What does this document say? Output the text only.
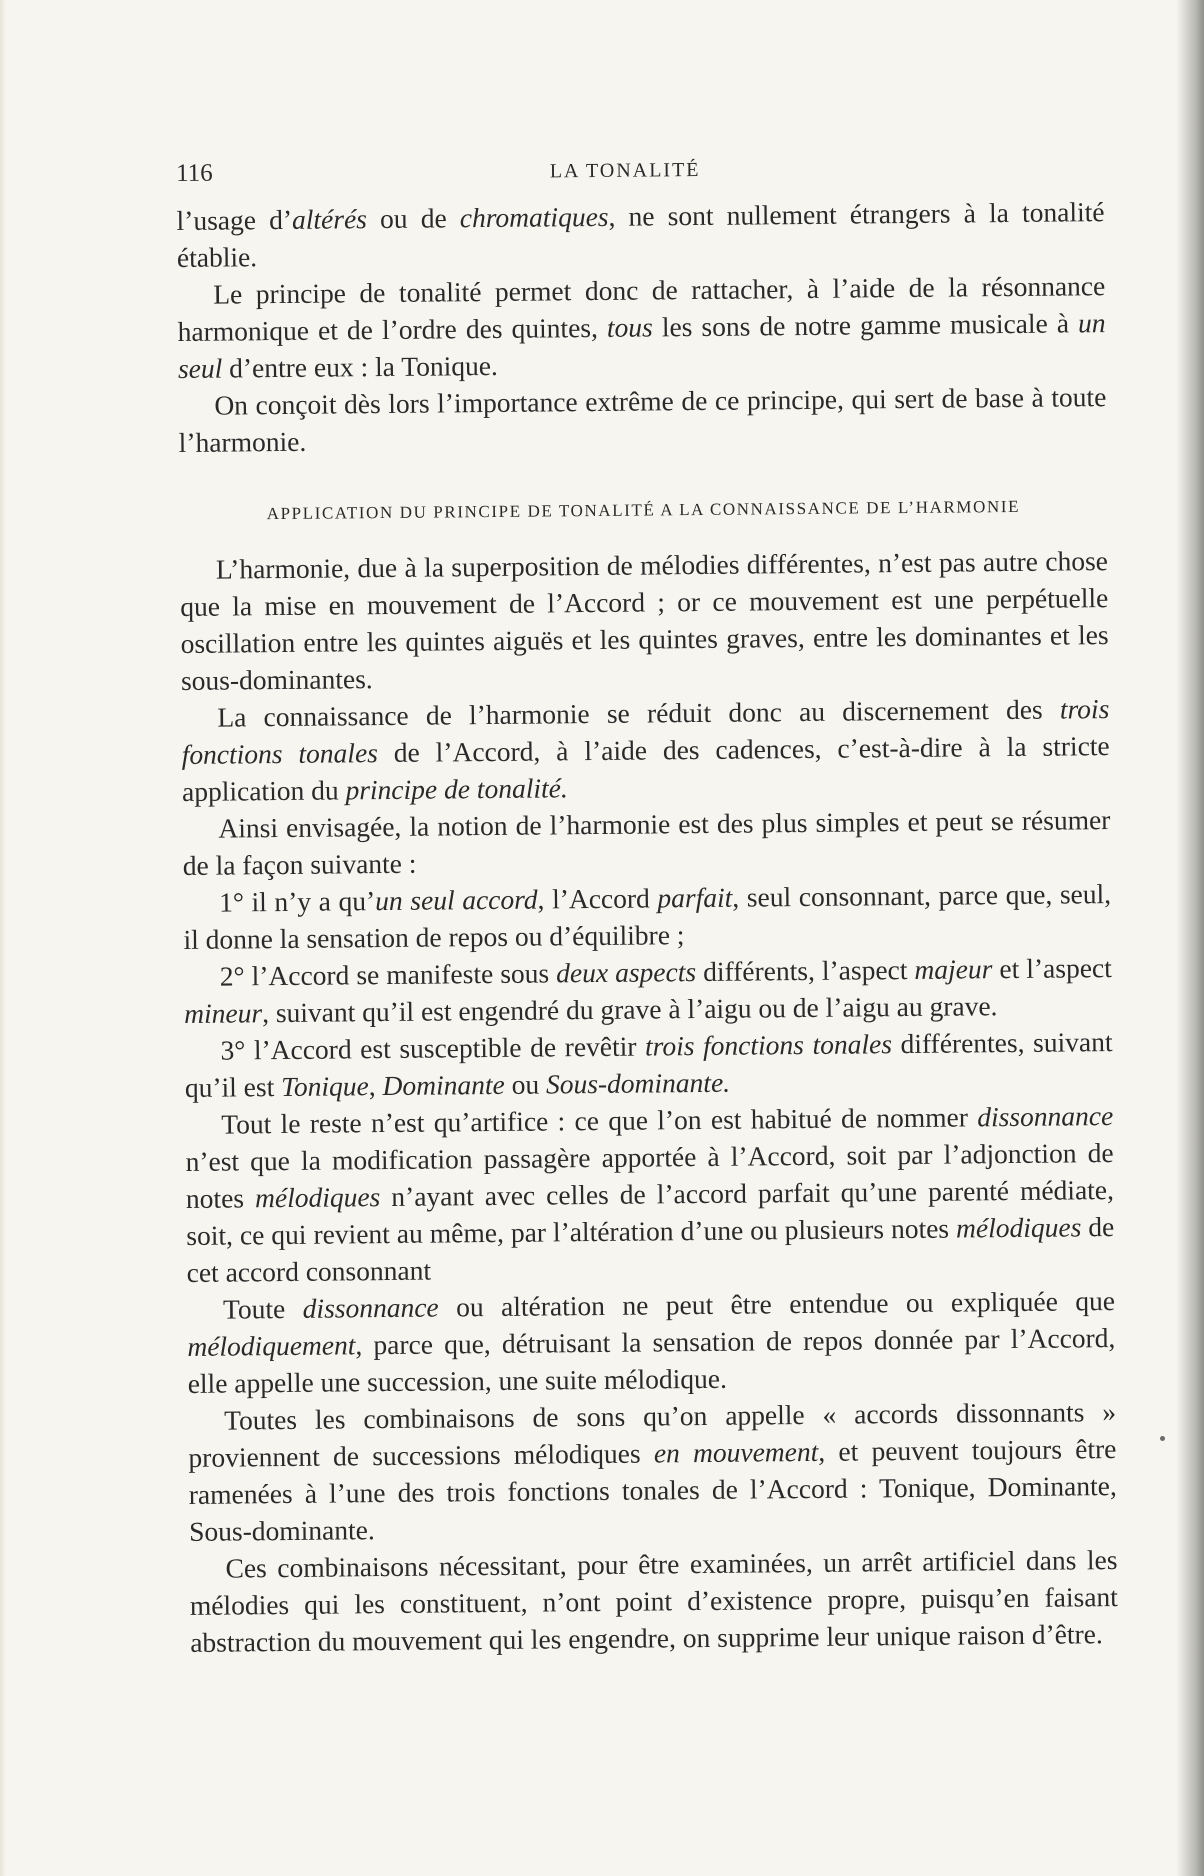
116	LA TONALITÉ

l’usage d’altérés ou de chromatiques, ne sont nullement étrangers à la tonalité établie.

Le principe de tonalité permet donc de rattacher, à l’aide de la résonnance harmonique et de l’ordre des quintes, tous les sons de notre gamme musicale à un seul d’entre eux : la Tonique.

On conçoit dès lors l’importance extrême de ce principe, qui sert de base à toute l’harmonie.

APPLICATION DU PRINCIPE DE TONALITÉ A LA CONNAISSANCE DE L’HARMONIE

L’harmonie, due à la superposition de mélodies différentes, n’est pas autre chose que la mise en mouvement de l’Accord ; or ce mouvement est une perpétuelle oscillation entre les quintes aiguës et les quintes graves, entre les dominantes et les sous-dominantes.

La connaissance de l’harmonie se réduit donc au discernement des trois fonctions tonales de l’Accord, à l’aide des cadences, c’est-à-dire à la stricte application du principe de tonalité.

Ainsi envisagée, la notion de l’harmonie est des plus simples et peut se résumer de la façon suivante :

1° il n’y a qu’un seul accord, l’Accord parfait, seul consonnant, parce que, seul, il donne la sensation de repos ou d’équilibre ;

2° l’Accord se manifeste sous deux aspects différents, l’aspect majeur et l’aspect mineur, suivant qu’il est engendré du grave à l’aigu ou de l’aigu au grave.

3° l’Accord est susceptible de revêtir trois fonctions tonales différentes, suivant qu’il est Tonique, Dominante ou Sous-dominante.

Tout le reste n’est qu’artifice : ce que l’on est habitué de nommer dissonnance n’est que la modification passagère apportée à l’Accord, soit par l’adjonction de notes mélodiques n’ayant avec celles de l’accord parfait qu’une parenté médiate, soit, ce qui revient au même, par l’altération d’une ou plusieurs notes mélodiques de cet accord consonnant

Toute dissonnance ou altération ne peut être entendue ou expliquée que mélodiquement, parce que, détruisant la sensation de repos donnée par l’Accord, elle appelle une succession, une suite mélodique.

Toutes les combinaisons de sons qu’on appelle « accords dissonnants » proviennent de successions mélodiques en mouvement, et peuvent toujours être ramenées à l’une des trois fonctions tonales de l’Accord : Tonique, Dominante, Sous-dominante.

Ces combinaisons nécessitant, pour être examinées, un arrêt artificiel dans les mélodies qui les constituent, n’ont point d’existence propre, puisqu’en faisant abstraction du mouvement qui les engendre, on supprime leur unique raison d’être.
